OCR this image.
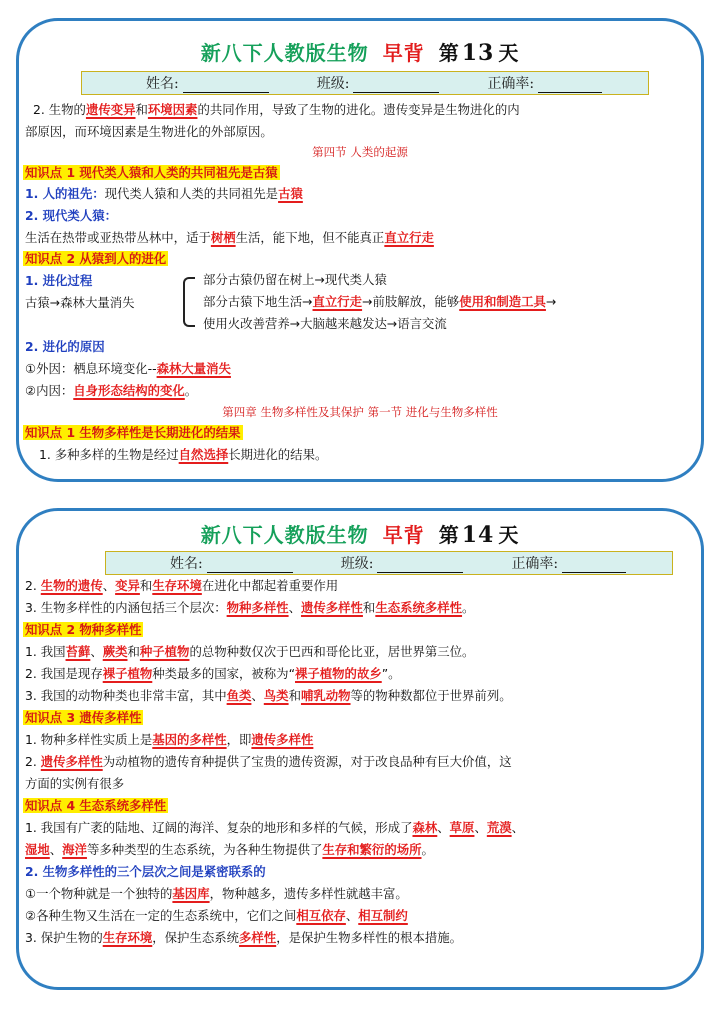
新八下人教版生物 早背 第13 天
姓名:	班级:	正确率:
2. 生物的遗传变异和环境因素的共同作用，导致了生物的进化。遗传变异是生物进化的内
部原因，而环境因素是生物进化的外部原因。
第四节 人类的起源
知识点 1 现代类人猿和人类的共同祖先是古猿
1. 人的祖先：现代类人猿和人类的共同祖先是古猿
2. 现代类人猿：
生活在热带或亚热带丛林中，适于树栖生活，能下地，但不能真正直立行走
知识点 2 从猿到人的进化
1. 进化过程
古猿→森林大量消失
部分古猿仍留在树上→现代类人猿
部分古猿下地生活→直立行走→前肢解放，能够使用和制造工具→
使用火改善营养→大脑越来越发达→语言交流
2. 进化的原因
①外因：栖息环境变化--森林大量消失
②内因：自身形态结构的变化。
第四章 生物多样性及其保护 第一节 进化与生物多样性
知识点 1 生物多样性是长期进化的结果
1. 多种多样的生物是经过自然选择长期进化的结果。
新八下人教版生物 早背 第14 天
姓名:	班级:	正确率:
2. 生物的遗传、变异和生存环境在进化中都起着重要作用
3. 生物多样性的内涵包括三个层次：物种多样性、遗传多样性和生态系统多样性。
知识点 2 物种多样性
1. 我国苔藓、蕨类和种子植物的总物种数仅次于巴西和哥伦比亚，居世界第三位。
2. 我国是现存裸子植物种类最多的国家，被称为“裸子植物的故乡”。
3. 我国的动物种类也非常丰富，其中鱼类、鸟类和哺乳动物等的物种数都位于世界前列。
知识点 3 遗传多样性
1. 物种多样性实质上是基因的多样性，即遗传多样性
2. 遗传多样性为动植物的遗传育种提供了宝贵的遗传资源，对于改良品种有巨大价值，这
方面的实例有很多
知识点 4 生态系统多样性
1. 我国有广袤的陆地、辽阔的海洋、复杂的地形和多样的气候，形成了森林、草原、荒漠、
湿地、海洋等多种类型的生态系统，为各种生物提供了生存和繁衍的场所。
2. 生物多样性的三个层次之间是紧密联系的
①一个物种就是一个独特的基因库，物种越多，遗传多样性就越丰富。
②各种生物又生活在一定的生态系统中，它们之间相互依存、相互制约
3. 保护生物的生存环境，保护生态系统多样性，是保护生物多样性的根本措施。
